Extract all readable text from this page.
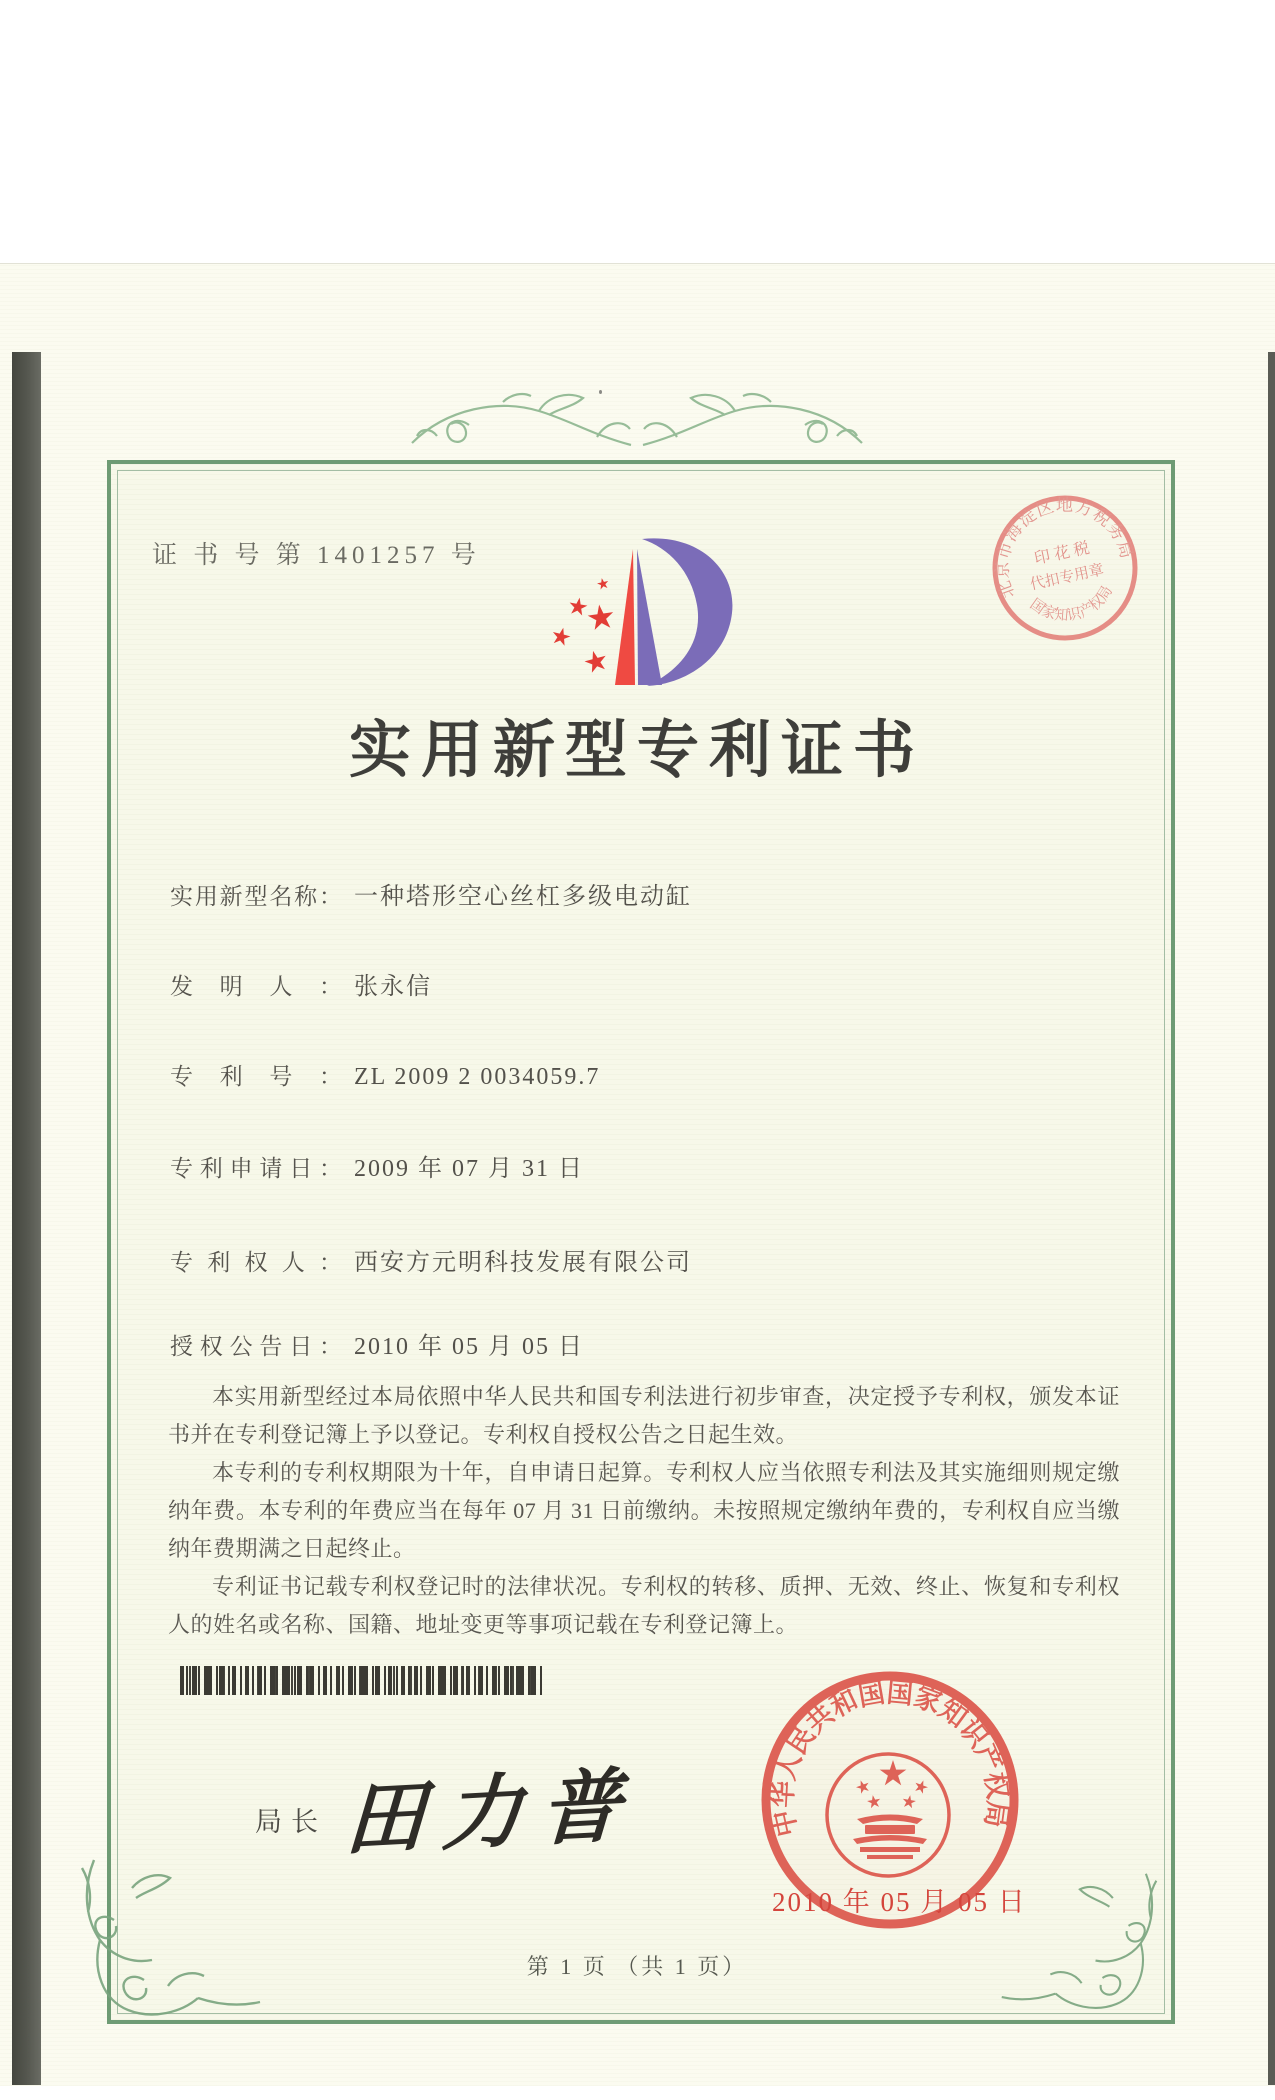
证 书 号 第 1401257 号
北京市海淀区地方税务局
国家知识产权局
印 花 税
代扣专用章
实用新型专利证书
实用新型名称： 一种塔形空心丝杠多级电动缸
发明人： 张永信
专利号： ZL 2009 2 0034059.7
专利申请日： 2009 年 07 月 31 日
专利权人： 西安方元明科技发展有限公司
授权公告日： 2010 年 05 月 05 日

本实用新型经过本局依照中华人民共和国专利法进行初步审查，决定授予专利权，颁发本证书并在专利登记簿上予以登记。专利权自授权公告之日起生效。

本专利的专利权期限为十年，自申请日起算。专利权人应当依照专利法及其实施细则规定缴纳年费。本专利的年费应当在每年 07 月 31 日前缴纳。未按照规定缴纳年费的，专利权自应当缴纳年费期满之日起终止。

专利证书记载专利权登记时的法律状况。专利权的转移、质押、无效、终止、恢复和专利权人的姓名或名称、国籍、地址变更等事项记载在专利登记簿上。

局长 田力普	中华人民共和国国家知识产权局
2010 年 05 月 05 日
第 1 页 （共 1 页）
